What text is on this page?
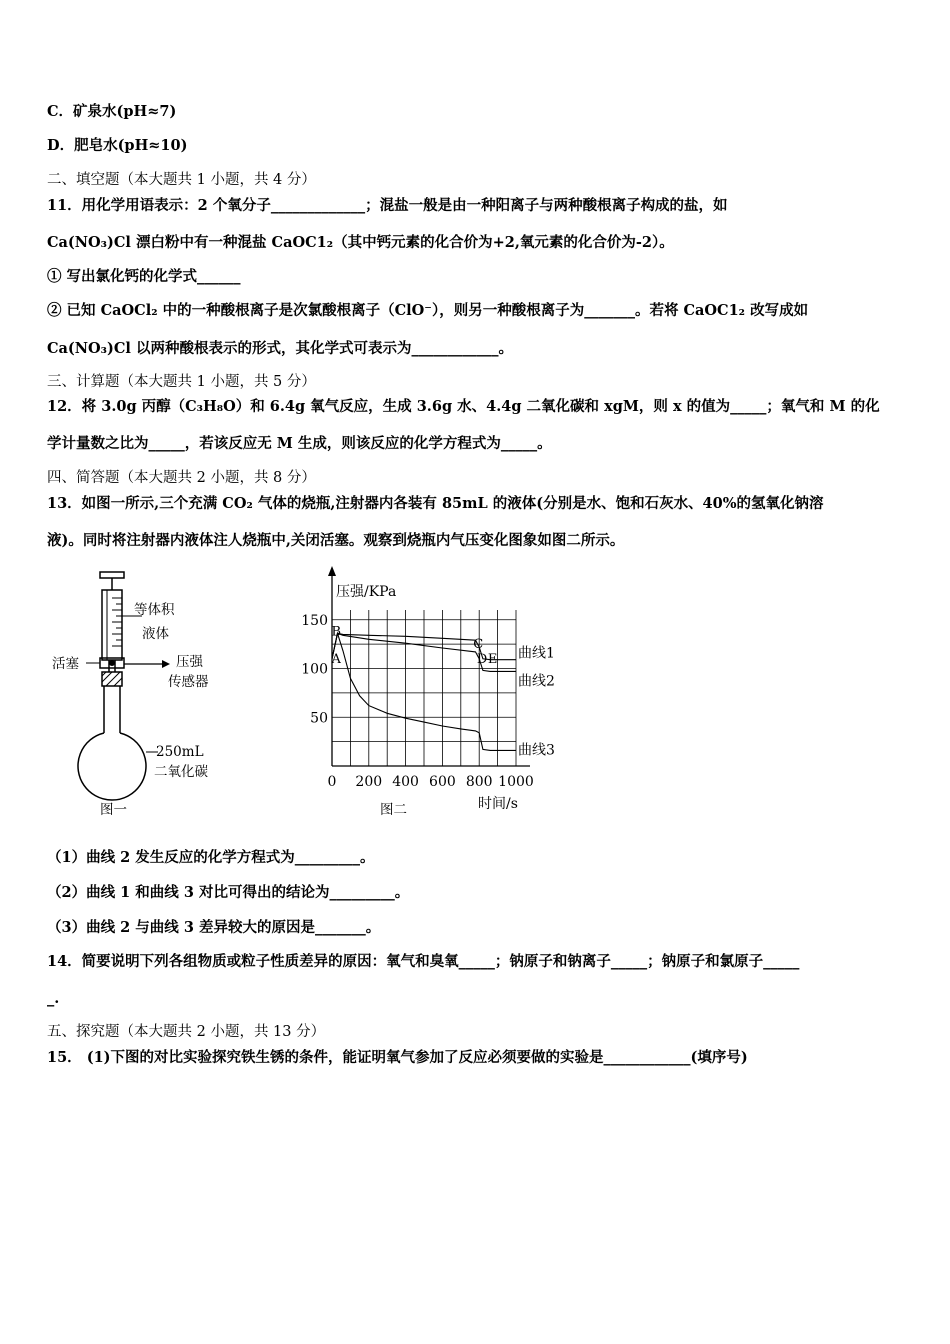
C．矿泉水(pH≈7)
D．肥皂水(pH≈10)
二、填空题（本大题共 1 小题，共 4 分）
11．用化学用语表示：2 个氧分子_____________；混盐一般是由一种阳离子与两种酸根离子构成的盐，如
Ca(NO₃)Cl 漂白粉中有一种混盐 CaOC1₂（其中钙元素的化合价为+2,氧元素的化合价为-2）。
① 写出氯化钙的化学式______
② 已知 CaOCl₂ 中的一种酸根离子是次氯酸根离子（ClO⁻），则另一种酸根离子为_______。若将 CaOC1₂ 改写成如
Ca(NO₃)Cl 以两种酸根表示的形式，其化学式可表示为____________。
三、计算题（本大题共 1 小题，共 5 分）
12．将 3.0g 丙醇（C₃H₈O）和 6.4g 氧气反应，生成 3.6g 水、4.4g 二氧化碳和 xgM，则 x 的值为_____；氧气和 M 的化
学计量数之比为_____，若该反应无 M 生成，则该反应的化学方程式为_____。
四、简答题（本大题共 2 小题，共 8 分）
13．如图一所示,三个充满 CO₂ 气体的烧瓶,注射器内各装有 85mL 的液体(分别是水、饱和石灰水、40%的氢氧化钠溶
液)。同时将注射器内液体注人烧瓶中,关闭活塞。观察到烧瓶内气压变化图象如图二所示。
等体积
液体
活塞	压强
传感器
250mL
二氧化碳
图一
压强/KPa
时间/s
0 200 400 600 800 1000
50
100
150
曲线1
曲线2
曲线3
A
B
C
D E
图二
（1）曲线 2 发生反应的化学方程式为_________。
（2）曲线 1 和曲线 3 对比可得出的结论为_________。
（3）曲线 2 与曲线 3 差异较大的原因是_______。
14．简要说明下列各组物质或粒子性质差异的原因：氧气和臭氧_____；钠原子和钠离子_____；钠原子和氯原子_____
_.
五、探究题（本大题共 2 小题，共 13 分）
15． (1)下图的对比实验探究铁生锈的条件，能证明氧气参加了反应必须要做的实验是____________(填序号)
